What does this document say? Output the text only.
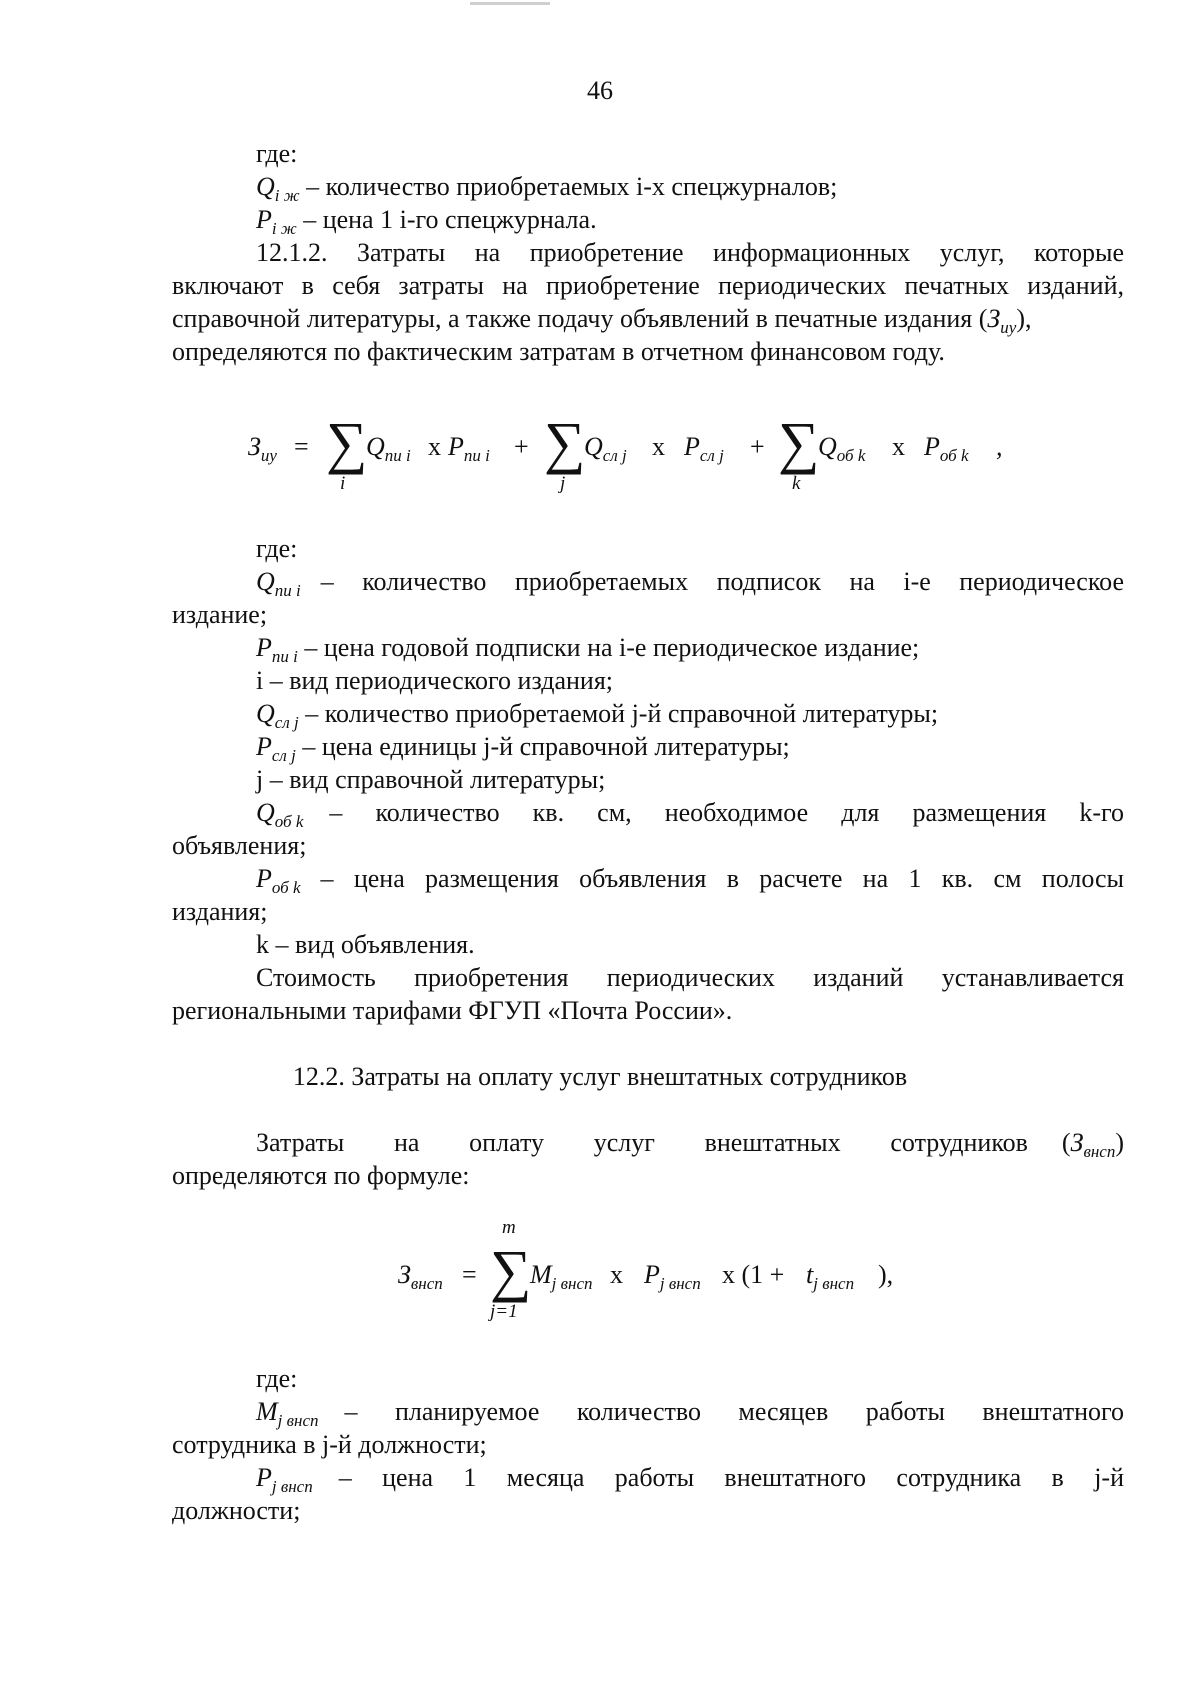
46
где:
$Q_{i ж}$ – количество приобретаемых i-х спецжурналов;
$P_{i ж}$ – цена 1 i-го спецжурнала.
12.1.2. Затраты на приобретение информационных услуг, которые
включают в себя затраты на приобретение периодических печатных изданий,
справочной литературы, а также подачу объявлений в печатные издания $(З_{иу})$,
определяются по фактическим затратам в отчетном финансовом году.
$З_{иу}$ = ∑
i
$Q_{пи i}$ x $P_{пи i}$ + ∑
j
$Q_{сл j}$ x $P_{сл j}$ + ∑
k
$Q_{об k}$ x $P_{об k}$ ,
где:
$Q_{пи i}$ – количество приобретаемых подписок на i-е периодическое
издание;
$P_{пи i}$ – цена годовой подписки на i-е периодическое издание;
i – вид периодического издания;
$Q_{сл j}$ – количество приобретаемой j-й справочной литературы;
$P_{сл j}$ – цена единицы j-й справочной литературы;
j – вид справочной литературы;
$Q_{об k}$ – количество кв. см, необходимое для размещения k-го
объявления;
$P_{об k}$ – цена размещения объявления в расчете на 1 кв. см полосы
издания;
k – вид объявления.
Стоимость приобретения периодических изданий устанавливается
региональными тарифами ФГУП «Почта России».
12.2. Затраты на оплату услуг внештатных сотрудников
Затраты на оплату услуг внештатных сотрудников $(З_{внсп})$
определяются по формуле:
$З_{внсп}$ =
m
∑
j=1
$M_{j внсп}$ x $P_{j внсп}$ x ($1 + t_{j внсп}$ ),
где:
$M_{j внсп}$ – планируемое количество месяцев работы внештатного
сотрудника в j-й должности;
$P_{j внсп}$ – цена 1 месяца работы внештатного сотрудника в j-й
должности;
